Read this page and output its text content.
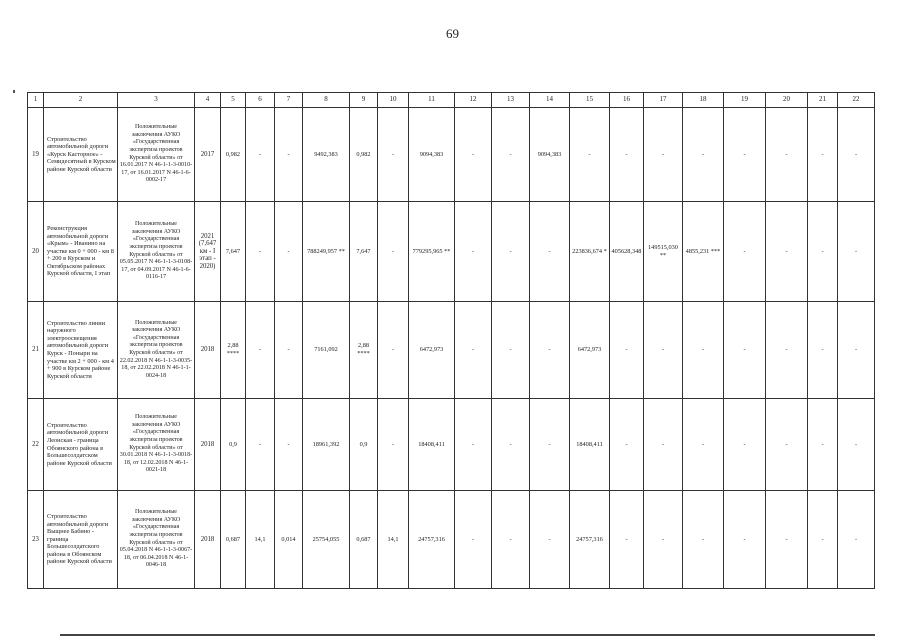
69
1	2	3	4	5	6	7	8	9	10	11	12	13	14	15	16	17	18	19	20	21	22
19	Строительство автомобильной дороги «Курск Касторное» - Семидесятный в Курском районе Курской области	Положительные заключения АУКО «Государственная экспертиза проектов Курской области» от 16.01.2017 N 46-1-1-3-0010-17, от 16.01.2017 N 46-1-6-0002-17	2017	0,982	-	-	9492,383	0,982	-	9094,383	-	-	9094,383	-	-	-	-	-	-	-	-
20	Реконструкция автомобильной дороги «Крым» - Иванино на участке км 0 + 000 - км 8 + 200 в Курском и Октябрьском районах Курской области, I этап	Положительные заключения АУКО «Государственная экспертиза проектов Курской области» от 05.05.2017 N 46-1-1-3-0108-17, от 04.09.2017 N 46-1-6-0116-17	2021 (7,647 км - I этап - 2020)	7,647	-	-	788249,957 **	7,647	-	779295,965 **	-	-	-	223836,674 *	405628,348	149515,030 **	4855,231 ***	-	-	-	-
21	Строительство линии наружного электроосвещения автомобильной дороги Курск - Поныри на участке км 2 + 000 - км 4 + 900 в Курском районе Курской области	Положительные заключения АУКО «Государственная экспертиза проектов Курской области» от 22.02.2018 N 46-1-1-3-0035-18, от 22.02.2018 N 46-1-1-0024-18	2018	2,88 ****	-	-	7161,092	2,88 ****	-	6472,973	-	-	-	6472,973	-	-	-	-	-	-	-
22	Строительство автомобильной дороги Леонская - граница Обоянского района в Большесолдатском районе Курской области	Положительные заключения АУКО «Государственная экспертиза проектов Курской области» от 30.01.2018 N 46-1-1-3-0018-18, от 12.02.2018 N 46-1-0021-18	2018	0,9	-	-	18961,392	0,9	-	18408,411	-	-	-	18408,411	-	-	-	-	-	-	-
23	Строительство автомобильной дороги Выщнее Бабино - граница Большесолдатского района в Обоянском районе Курской области	Положительные заключения АУКО «Государственная экспертиза проектов Курской области» от 05.04.2018 N 46-1-1-3-0067-18, от 06.04.2018 N 46-1-0046-18	2018	0,687	14,1	0,014	25754,055	0,687	14,1	24757,316	-	-	-	24757,316	-	-	-	-	-	-	-
